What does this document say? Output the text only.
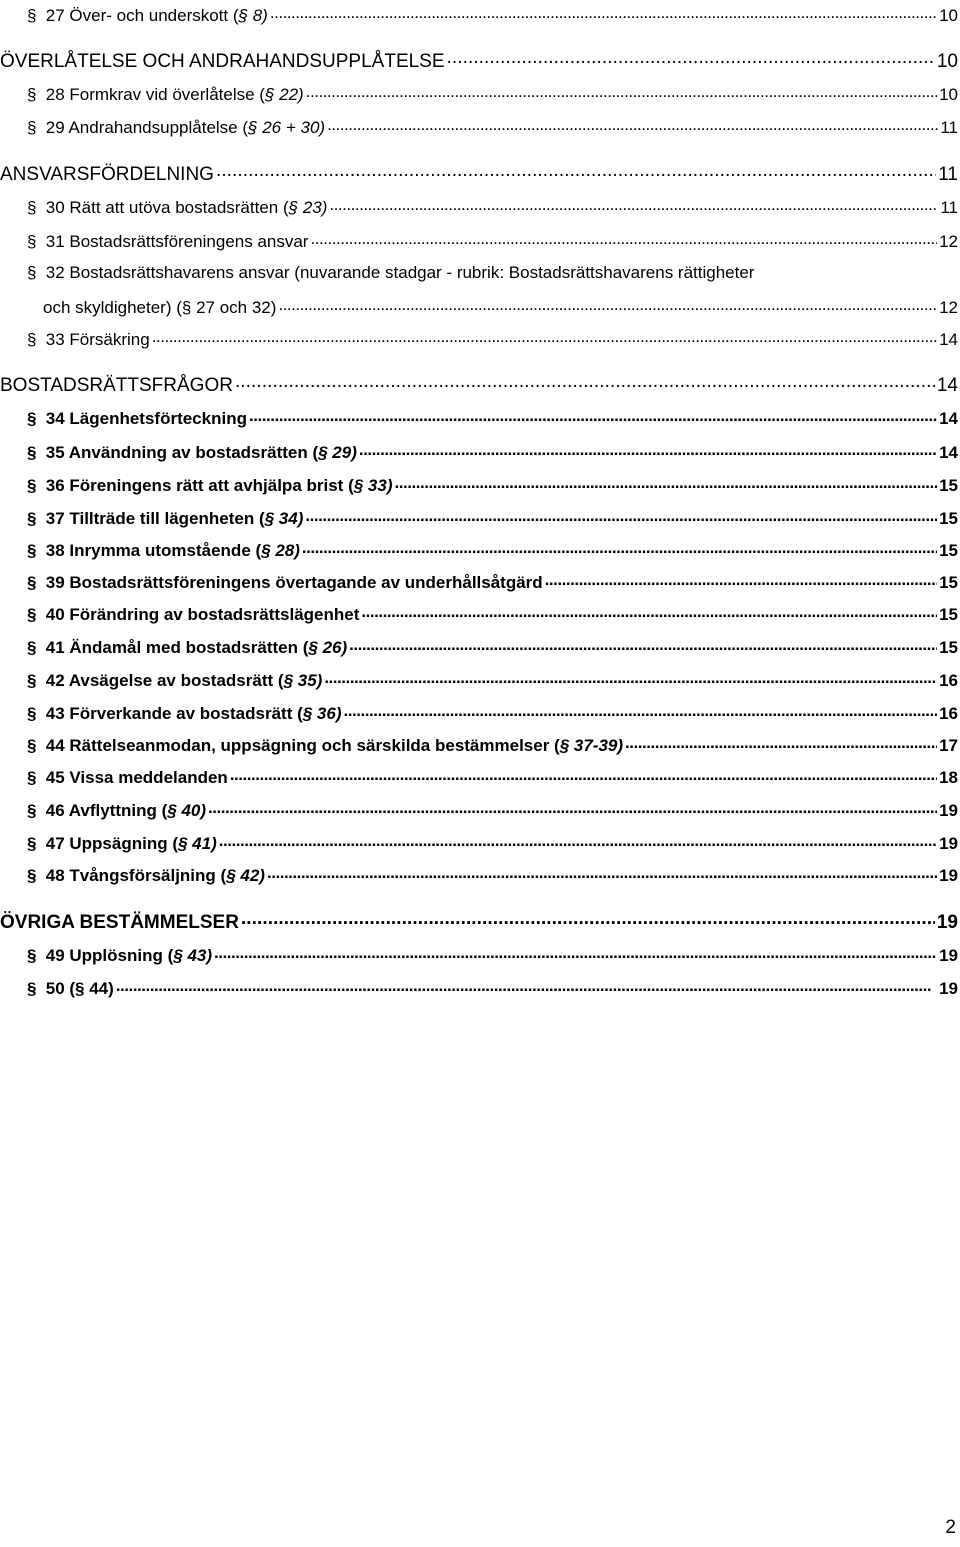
§ 27 Över- och underskott (§ 8) . . .	10
ÖVERLÅTELSE OCH ANDRAHANDSUPPLÅTELSE . . .	10
§ 28 Formkrav vid överlåtelse (§ 22) . . .	10
§ 29 Andrahandsupplåtelse (§ 26 + 30) . . .	11
ANSVARSFÖRDELNING . . .	11
§ 30 Rätt att utöva bostadsrätten (§ 23) . . .	11
§ 31 Bostadsrättsföreningens ansvar . . .	12
§ 32 Bostadsrättshavarens ansvar (nuvarande stadgar - rubrik: Bostadsrättshavarens rättigheter
och skyldigheter) (§ 27 och 32) . . .	12
§ 33 Försäkring . . .	14
BOSTADSRÄTTSFRÅGOR . . .	14
§ 34 Lägenhetsförteckning . . .	14
§ 35 Användning av bostadsrätten (§ 29) . . .	14
§ 36 Föreningens rätt att avhjälpa brist (§ 33) . . .	15
§ 37 Tillträde till lägenheten (§ 34) . . .	15
§ 38 Inrymma utomstående (§ 28) . . .	15
§ 39 Bostadsrättsföreningens övertagande av underhållsåtgärd . . .	15
§ 40 Förändring av bostadsrättslägenhet . . .	15
§ 41 Ändamål med bostadsrätten (§ 26) . . .	15
§ 42 Avsägelse av bostadsrätt (§ 35) . . .	16
§ 43 Förverkande av bostadsrätt (§ 36) . . .	16
§ 44 Rättelseanmodan, uppsägning och särskilda bestämmelser (§ 37-39) . . .	17
§ 45 Vissa meddelanden . . .	18
§ 46 Avflyttning (§ 40) . . .	19
§ 47 Uppsägning (§ 41) . . .	19
§ 48 Tvångsförsäljning (§ 42) . . .	19
ÖVRIGA BESTÄMMELSER . . .	19
§ 49 Upplösning (§ 43) . . .	19
§ 50 (§ 44) . . .	19
2
